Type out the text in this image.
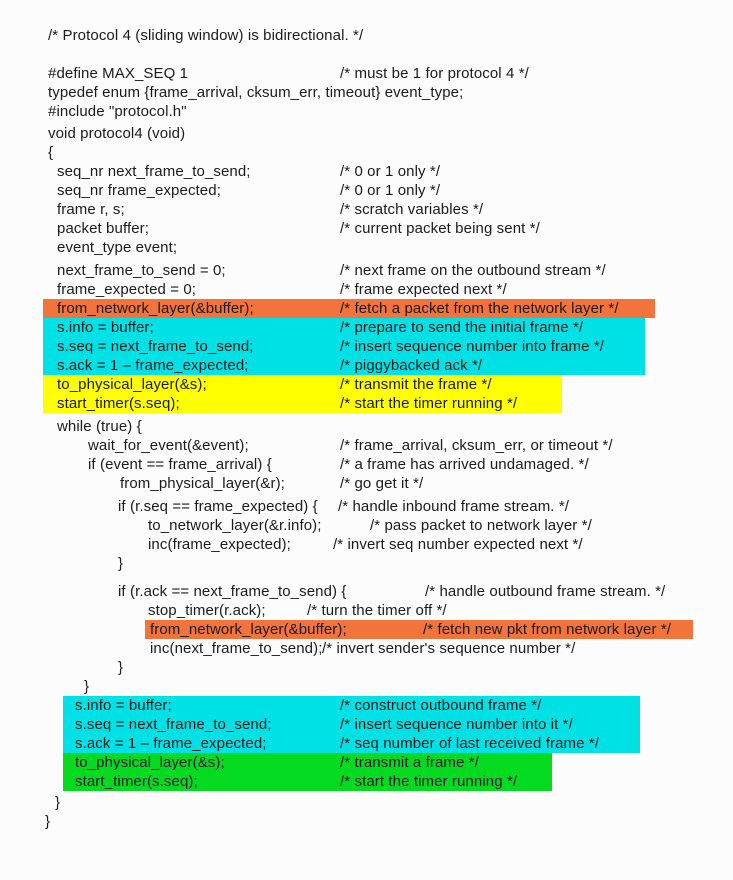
/* Protocol 4 (sliding window) is bidirectional. */
#define MAX_SEQ 1	/* must be 1 for protocol 4 */
typedef enum {frame_arrival, cksum_err, timeout} event_type;
#include "protocol.h"
void protocol4 (void)
{
seq_nr next_frame_to_send;	/* 0 or 1 only */
seq_nr frame_expected;	/* 0 or 1 only */
frame r, s;	/* scratch variables */
packet buffer;	/* current packet being sent */
event_type event;
next_frame_to_send = 0;	/* next frame on the outbound stream */
frame_expected = 0;	/* frame expected next */
from_network_layer(&buffer);	/* fetch a packet from the network layer */
s.info = buffer;	/* prepare to send the initial frame */
s.seq = next_frame_to_send;	/* insert sequence number into frame */
s.ack = 1 – frame_expected;	/* piggybacked ack */
to_physical_layer(&s);	/* transmit the frame */
start_timer(s.seq);	/* start the timer running */
while (true) {
wait_for_event(&event);	/* frame_arrival, cksum_err, or timeout */
if (event == frame_arrival) {	/* a frame has arrived undamaged. */
from_physical_layer(&r);	/* go get it */
if (r.seq == frame_expected) { /* handle inbound frame stream. */
to_network_layer(&r.info);	/* pass packet to network layer */
inc(frame_expected);	/* invert seq number expected next */
}
if (r.ack == next_frame_to_send) {	/* handle outbound frame stream. */
stop_timer(r.ack);	/* turn the timer off */
from_network_layer(&buffer);	/* fetch new pkt from network layer */
inc(next_frame_to_send); /* invert sender's sequence number */
}
}
s.info = buffer;	/* construct outbound frame */
s.seq = next_frame_to_send;	/* insert sequence number into it */
s.ack = 1 – frame_expected;	/* seq number of last received frame */
to_physical_layer(&s);	/* transmit a frame */
start_timer(s.seq);	/* start the timer running */
}
}
